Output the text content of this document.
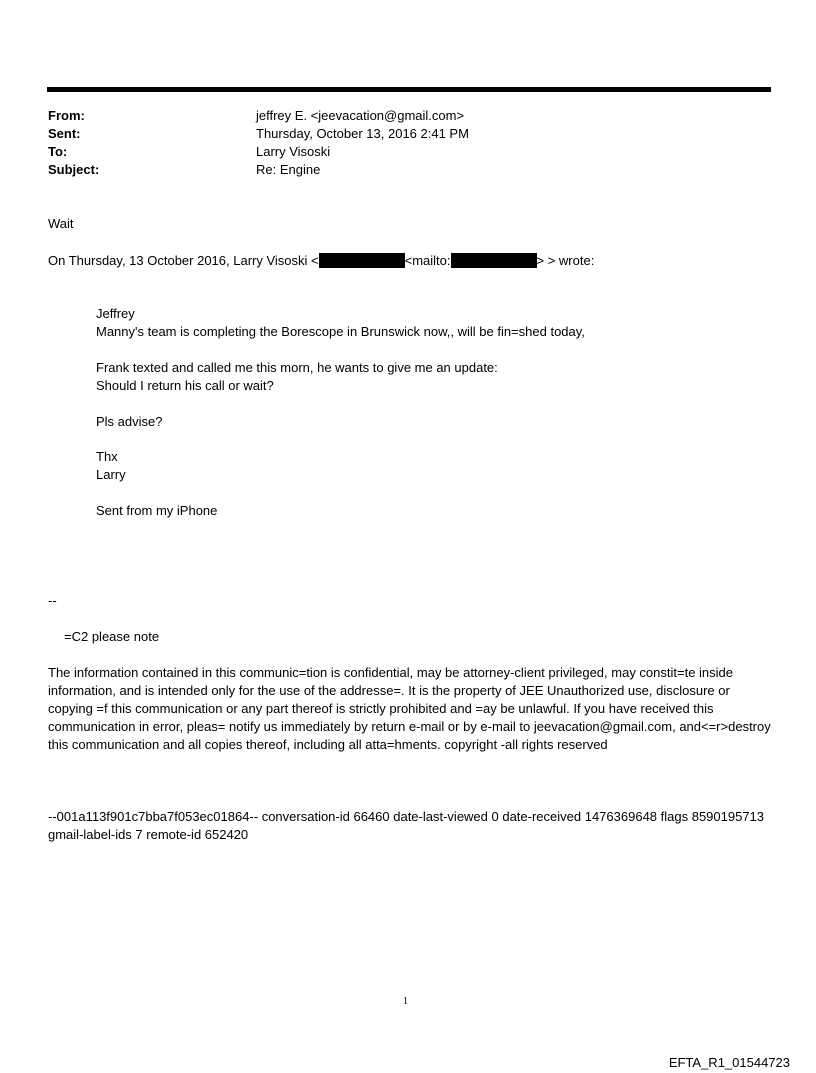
From:	jeffrey E. <jeevacation@gmail.com>
Sent:	Thursday, October 13, 2016 2:41 PM
To:	Larry Visoski
Subject:	Re: Engine
Wait
On Thursday, 13 October 2016, Larry Visoski <	<mailto:	> > wrote:
Jeffrey
Manny's team is completing the Borescope in Brunswick now,, will be fin=shed today,
Frank texted and called me this morn, he wants to give me an update:
Should I return his call or wait?
Pls advise?
Thx
Larry
Sent from my iPhone
--
=C2 please note
The information contained in this communic=tion is confidential, may be attorney-client privileged, may constit=te inside information, and is intended only for the use of the addresse=. It is the property of JEE Unauthorized use, disclosure or copying =f this communication or any part thereof is strictly prohibited and =ay be unlawful. If you have received this communication in error, pleas= notify us immediately by return e-mail or by e-mail to jeevacation@gmail.com, and<=r>destroy this communication and all copies thereof, including all atta=hments. copyright -all rights reserved
--001a113f901c7bba7f053ec01864-- conversation-id 66460 date-last-viewed 0 date-received 1476369648 flags 8590195713 gmail-label-ids 7 remote-id 652420
1
EFTA_R1_01544723
